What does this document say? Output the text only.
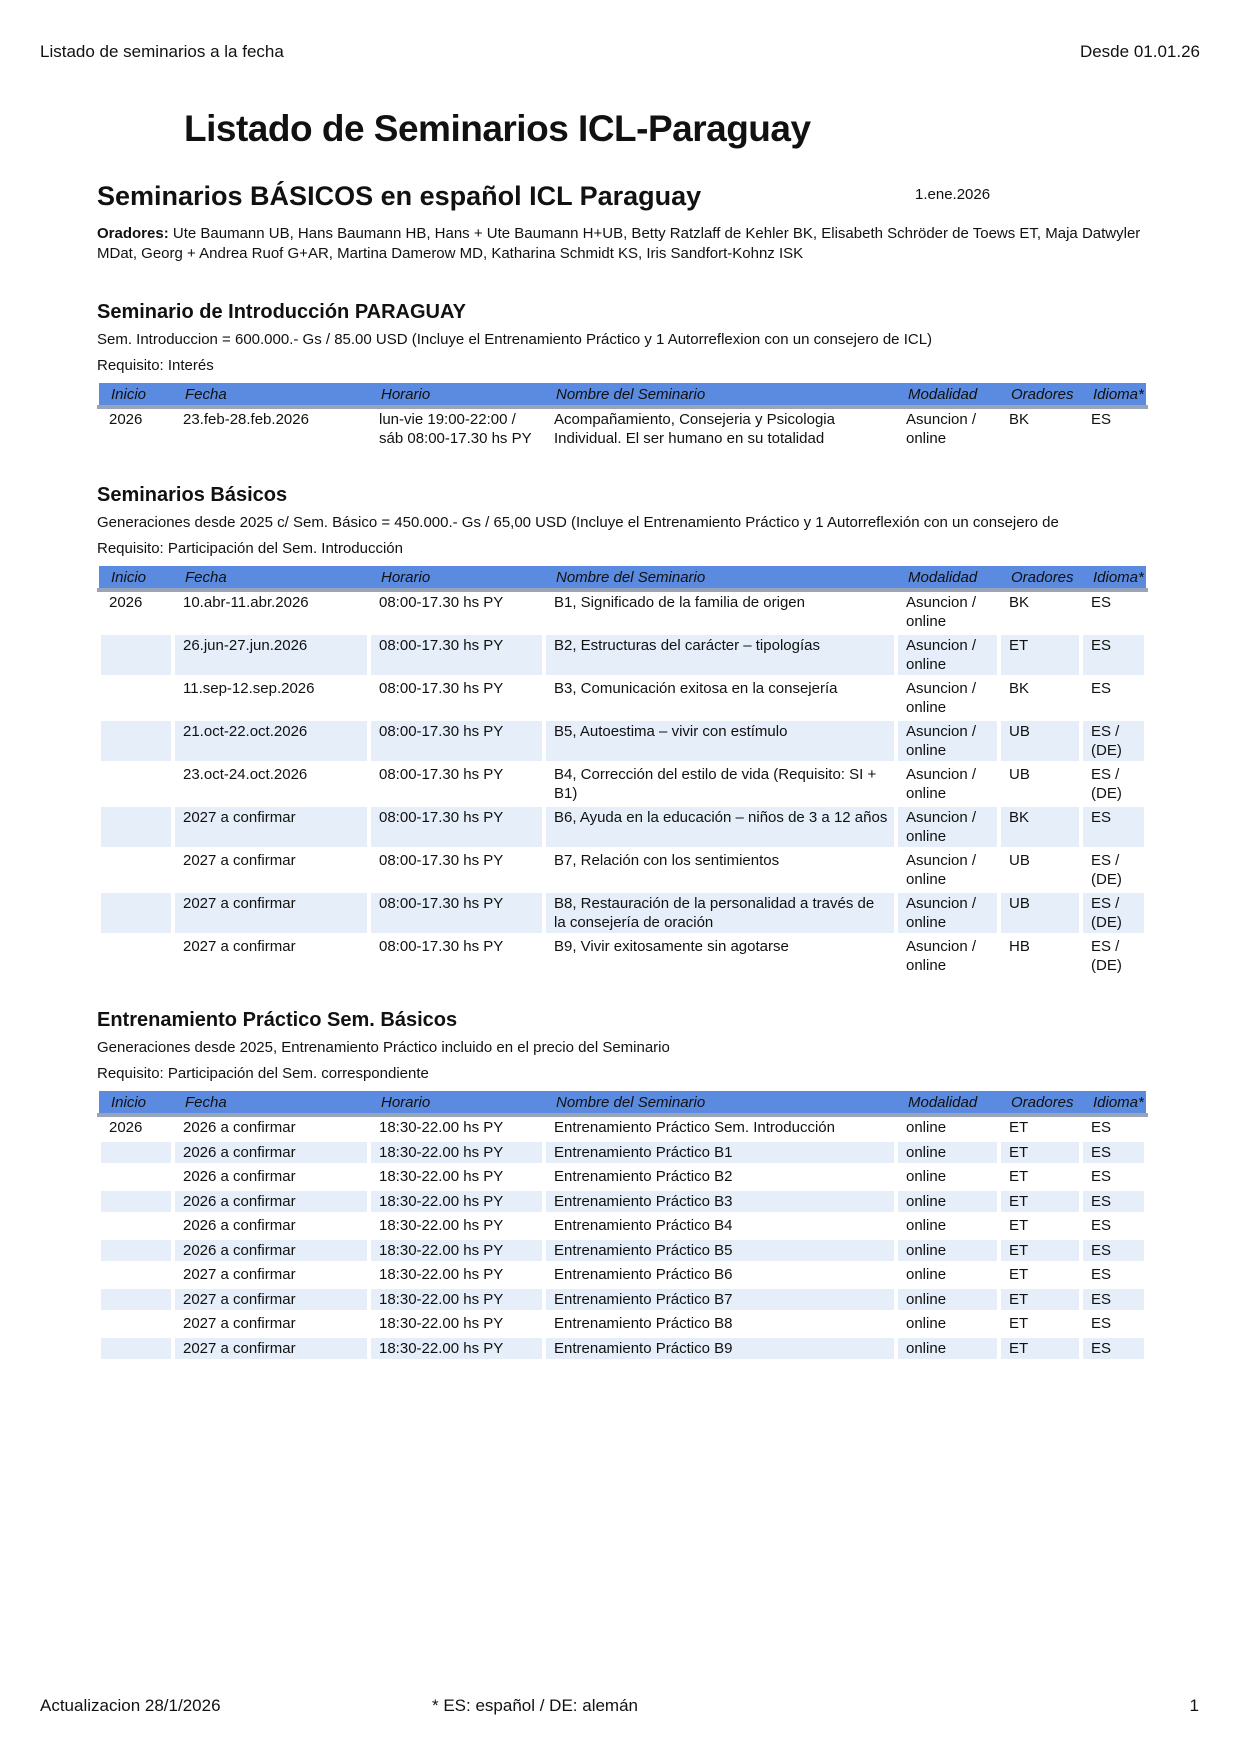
Listado de seminarios a la fecha	Desde 01.01.26
Listado de Seminarios ICL-Paraguay
Seminarios BÁSICOS en español ICL Paraguay	1.ene.2026

Oradores: Ute Baumann UB, Hans Baumann HB, Hans + Ute Baumann H+UB, Betty Ratzlaff de Kehler BK, Elisabeth Schröder de Toews ET, Maja Datwyler MDat, Georg + Andrea Ruof G+AR, Martina Damerow MD, Katharina Schmidt KS, Iris Sandfort-Kohnz ISK

Seminario de Introducción PARAGUAY

Sem. Introduccion = 600.000.- Gs / 85.00 USD (Incluye el Entrenamiento Práctico y 1 Autorreflexion con un consejero de ICL)

Requisito: Interés

Inicio	Fecha	Horario	Nombre del Seminario	Modalidad	Oradores	Idioma*
2026	23.feb-28.feb.2026	lun-vie 19:00-22:00 / sáb 08:00-17.30 hs PY	Acompañamiento, Consejeria y Psicologia Individual. El ser humano en su totalidad	Asuncion / online	BK	ES
Seminarios Básicos

Generaciones desde 2025 c/ Sem. Básico = 450.000.- Gs / 65,00 USD (Incluye el Entrenamiento Práctico y 1 Autorreflexión con un consejero de

Requisito: Participación del Sem. Introducción

Inicio	Fecha	Horario	Nombre del Seminario	Modalidad	Oradores	Idioma*
2026	10.abr-11.abr.2026	08:00-17.30 hs PY	B1, Significado de la familia de origen	Asuncion / online	BK	ES
	26.jun-27.jun.2026	08:00-17.30 hs PY	B2, Estructuras del carácter – tipologías	Asuncion / online	ET	ES
	11.sep-12.sep.2026	08:00-17.30 hs PY	B3, Comunicación exitosa en la consejería	Asuncion / online	BK	ES
	21.oct-22.oct.2026	08:00-17.30 hs PY	B5, Autoestima – vivir con estímulo	Asuncion / online	UB	ES / (DE)
	23.oct-24.oct.2026	08:00-17.30 hs PY	B4, Corrección del estilo de vida (Requisito: SI + B1)	Asuncion / online	UB	ES / (DE)
	2027 a confirmar	08:00-17.30 hs PY	B6, Ayuda en la educación – niños de 3 a 12 años	Asuncion / online	BK	ES
	2027 a confirmar	08:00-17.30 hs PY	B7, Relación con los sentimientos	Asuncion / online	UB	ES / (DE)
	2027 a confirmar	08:00-17.30 hs PY	B8, Restauración de la personalidad a través de la consejería de oración	Asuncion / online	UB	ES / (DE)
	2027 a confirmar	08:00-17.30 hs PY	B9, Vivir exitosamente sin agotarse	Asuncion / online	HB	ES / (DE)
Entrenamiento Práctico Sem. Básicos

Generaciones desde 2025, Entrenamiento Práctico incluido en el precio del Seminario

Requisito: Participación del Sem. correspondiente

Inicio	Fecha	Horario	Nombre del Seminario	Modalidad	Oradores	Idioma*
2026	2026 a confirmar	18:30-22.00 hs PY	Entrenamiento Práctico Sem. Introducción	online	ET	ES
	2026 a confirmar	18:30-22.00 hs PY	Entrenamiento Práctico B1	online	ET	ES
	2026 a confirmar	18:30-22.00 hs PY	Entrenamiento Práctico B2	online	ET	ES
	2026 a confirmar	18:30-22.00 hs PY	Entrenamiento Práctico B3	online	ET	ES
	2026 a confirmar	18:30-22.00 hs PY	Entrenamiento Práctico B4	online	ET	ES
	2026 a confirmar	18:30-22.00 hs PY	Entrenamiento Práctico B5	online	ET	ES
	2027 a confirmar	18:30-22.00 hs PY	Entrenamiento Práctico B6	online	ET	ES
	2027 a confirmar	18:30-22.00 hs PY	Entrenamiento Práctico B7	online	ET	ES
	2027 a confirmar	18:30-22.00 hs PY	Entrenamiento Práctico B8	online	ET	ES
	2027 a confirmar	18:30-22.00 hs PY	Entrenamiento Práctico B9	online	ET	ES
Actualizacion 28/1/2026	* ES: español / DE: alemán	1
